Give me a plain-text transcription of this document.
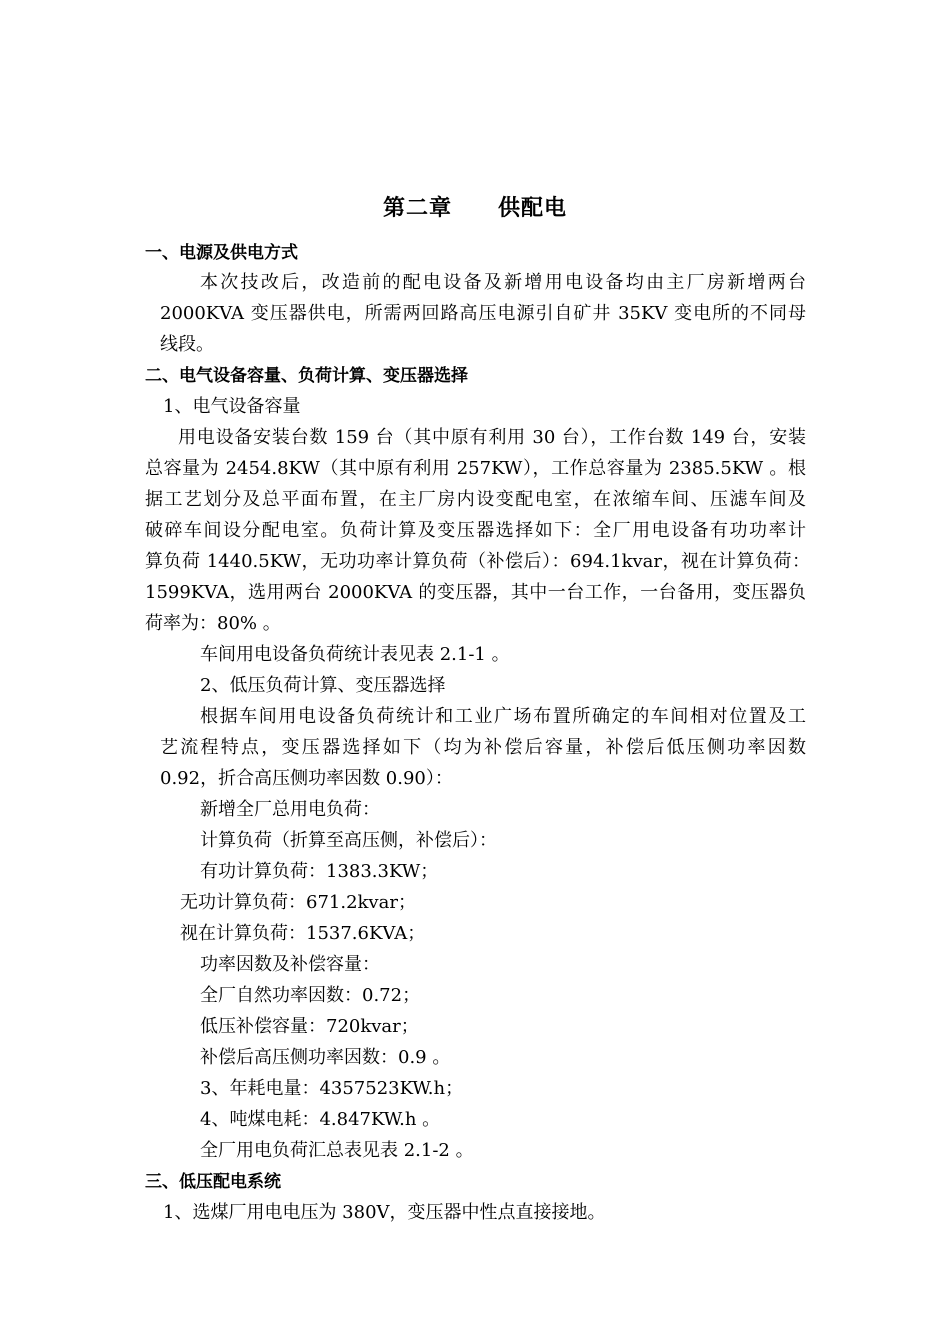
第二章　　供配电
一、电源及供电方式
本次技改后，改造前的配电设备及新增用电设备均由主厂房新增两台
2000KVA 变压器供电，所需两回路高压电源引自矿井 35KV 变电所的不同母
线段。
二、电气设备容量、负荷计算、变压器选择
1、电气设备容量
用电设备安装台数 159 台（其中原有利用 30 台），工作台数 149 台，安装
总容量为 2454.8KW（其中原有利用 257KW），工作总容量为 2385.5KW 。根
据工艺划分及总平面布置，在主厂房内设变配电室，在浓缩车间、压滤车间及
破碎车间设分配电室。负荷计算及变压器选择如下：全厂用电设备有功功率计
算负荷 1440.5KW，无功功率计算负荷（补偿后）：694.1kvar，视在计算负荷：
1599KVA，选用两台 2000KVA 的变压器，其中一台工作，一台备用，变压器负
荷率为：80% 。
车间用电设备负荷统计表见表 2.1-1 。
2、低压负荷计算、变压器选择
根据车间用电设备负荷统计和工业广场布置所确定的车间相对位置及工
艺流程特点，变压器选择如下（均为补偿后容量，补偿后低压侧功率因数
0.92，折合高压侧功率因数 0.90）：
新增全厂总用电负荷：
计算负荷（折算至高压侧，补偿后）：
有功计算负荷：1383.3KW；
无功计算负荷：671.2kvar；
视在计算负荷：1537.6KVA；
功率因数及补偿容量：
全厂自然功率因数：0.72；
低压补偿容量：720kvar；
补偿后高压侧功率因数：0.9 。
3、年耗电量：4357523KW.h；
4、吨煤电耗：4.847KW.h 。
全厂用电负荷汇总表见表 2.1-2 。
三、低压配电系统
1、选煤厂用电电压为 380V，变压器中性点直接接地。
